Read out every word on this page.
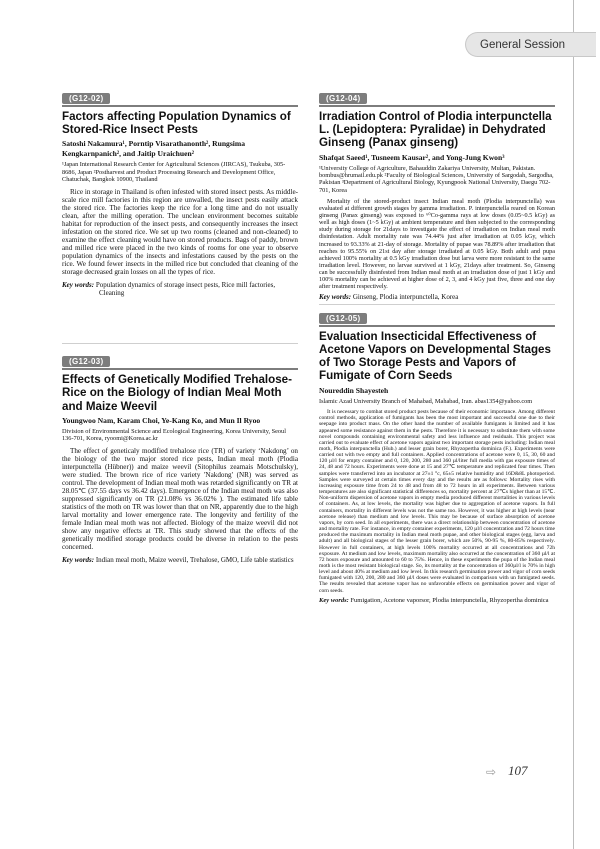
General Session
(G12-02)
Factors affecting Population Dynamics of Stored-Rice Insect Pests
Satoshi Nakamura¹, Porntip Visarathanonth², Rungsima Kengkarnpanich², and Jaitip Uraichuen²
¹Japan International Research Center for Agricultural Sciences (JIRCAS), Tsukuba, 305-8686, Japan ²Postharvest and Product Processing Research and Development Office, Chatuchak, Bangkok 10900, Thailand

Rice in storage in Thailand is often infested with stored insect pests. As middle-scale rice mill factories in this region are unwalled, the insect pests easily attack the stored rice. The factories keep the rice for a long time and do not usually clean, after the milling operation. The unclean environment becomes suitable habitat for reproduction of the insect pests, and consequently increases the insect infestation on the stored rice. We set up two rooms (cleaned and non-cleaned) to examine the effect cleaning would have on stored products. Bags of paddy, brown and milled rice were placed in the two kinds of rooms for one year to observe population dynamics of the insects and infestations caused by the pests on the rice. We found fewer insects in the milled rice but concluded that cleaning of the storage decreased grain losses on all the types of rice.

Key words: Population dynamics of storage insect pests, Rice mill factories, Cleaning
(G12-03)
Effects of Genetically Modified Trehalose-Rice on the Biology of Indian Meal Moth and Maize Weevil
Youngwoo Nam, Karam Choi, Ye-Kang Ko, and Mun Il Ryoo
Division of Environmental Science and Ecological Engineering, Korea University, Seoul 136-701, Korea, ryoomi@Korea.ac.kr

The effect of geneticaly modified trehalose rice (TR) of variety ‘Nakdong’ on the biology of the two major stored rice pests, Indian meal moth (Plodia interpunctella (Hübner)) and maize weevil (Sitophilus zeamais Motschulsky), were studied. The brown rice of rice variety 'Nakdong' (NR) was served as control. The development of Indian meal moth was retarded significantly on TR at 28.05℃ (37.55 days vs 36.42 days). Emergence of the Indian meal moth was also suppressed significantly on TR (21.08% vs 36.02% ). The estimated life table statistics of the moth on TR was lower than that on NR, apparently due to the high larval mortality and lower emergence rate. The longevity and fertility of the female Indian meal moth was not affected. Biology of the maize weevil did not show any negative effects at TR. This study showed that the effects of the genetically modified storage products could be diverse in relation to the pests concerned.

Key words: Indian meal moth, Maize weevil, Trehalose, GMO, Life table statistics
(G12-04)
Irradiation Control of Plodia interpunctella L. (Lepidoptera: Pyralidae) in Dehydrated Ginseng (Panax ginseng)
Shafqat Saeed¹, Tusneem Kausar², and Yong-Jung Kwon³
¹University College of Agriculture, Bahauddin Zakariya University, Multan, Pakistan. bombus@hrumail.edu.pk ²Faculty of Biological Sciences, University of Sargodah, Sargodha, Pakistan ³Department of Agricultural Biology, Kyungpook National University, Daegu 702-701, Korea

Mortality of the stored-product insect Indian meal moth (Plodia interpunctella) was evaluated at different growth stages by gamma irradiation. P. interpunctella reared on Korean ginseng (Panax ginseng) was exposed to ⁶⁰Co-gamma rays at low doses (0.05~0.5 kGy) as well as high doses (1~5 kGy) at ambient temperature and then subjected to the corresponding study during storage for 21days to investigate the effect of irradiation on Indian meal moth disinfestation. Adult mortality rate was 74.44% just after irradiation at 0.05 kGy, which increased to 93.33% at 21-day of storage. Mortality of pupae was 78.89% after irradiation that reaches to 95.55% on 21st day after storage irradiated at 0.05 kGy. Both adult and pupa achieved 100% mortality at 0.5 kGy irradiation dose but larva were more resistant to the same irradiation level. However, no larvae survived at 1 kGy, 21days after treatment. So, Ginseng can be successfully disinfested from Indian meal moth at an irradiation dose of just 1 kGy and 100% mortality can be achieved at higher dose of 2, 3, and 4 kGy just five, three and one day after treatment respectively.

Key words: Ginseng, Plodia interpunctella, Korea
(G12-05)
Evaluation Insecticidal Effectiveness of Acetone Vapors on Developmental Stages of Two Storage Pests and Vapors of Fumigate of Corn Seeds
Noureddin Shayesteh
Islamic Azad University Branch of Mahabad, Mahabad, Iran. abas1354@yahoo.com

It is necessary to combat stored product pests because of their economic importance. Among different control methods, application of fumigants has been the most important and successful one due to their seepage into product mass. On the other hand the number of available fumigants is limited and it has appeared some resistance against them in the pests. Therefore it is necessary to substitute them with some novel compounds containing environmental safety and less influence and residuals. This project was carried out to evaluate effect of acetone vapors against two important storage pests including: Indian meal moth, Plodia interpunctella (Hub.) and lesser grain borer, Rhyzopertha dominica (F.). Experiments were carried out with two empty and full containers. Applied concentrations of acetone were 0, 15, 30, 60 and 120 µl/l for empty container and 0, 120, 200, 280 and 360 µl/liter full media with gas exposure times of 24, 48 and 72 hours. Experiments were done at 15 and 27℃ temperature and replicated four times. Then samples were transferred into an incubator at 27±1 °c, 65±5 relative humidity and 16D&8L photoperiod. Samples were surveyed at certain times every day and the results are as follows: Mortality rises with increasing exposure time from 24 to 48 and from 48 to 72 hours in all experiments. Between various temperatures are also significant statistical differences so, mortality percent at 27℃s higher than at 15℃. Non-uniform dispersion of acetone vapors in empty media produced different mortalities in various levels of containers. As, at low levels, the mortality was higher due to aggregation of acetone vapors. In full containers, mortality in different levels was not the same too. However, it was higher at high levels (near acetone release) than medium and low levels. This may be because of surface absorption of acetone vapors, by corn seed. In all experiments, there was a direct relationship between concentration of acetone and mortality rate. For instance, in empty container experiments, 120 µl/l concentration and 72 hours time produced the maximum mortality in Indian meal moth pupae, and other biological stages (egg, larva and adult) and all biological stages of the lesser grain borer, which are 50%, 90-95 %, 80-85% respectively. However in full containers, at high levels 100% mortality occurred at all concentrations and 72h exposure. At medium and low levels, maximum mortality also occurred at the concentration of 360 µl/l at 72 hours exposure and amounted to 60 to 75%. Hence, in these experiments the pupa of the Indian meal moth is the most resistant biological stage. So, its mortality at the concentration of 360µl/l is 70% in high level and about 40% at medium and low level. In this research germination power and vigor of corn seeds fumigated with 120, 200, 280 and 360 µl/l doses were evaluated in comparison with un fumigated seeds. The results revealed that acetone vapor has no unfavorable effects on germination power and vigor of corn seeds.

Key words: Fumigation, Acetone vaporsor, Plodia interpunctella, Rhyzopertha dominica
⇨ 107
